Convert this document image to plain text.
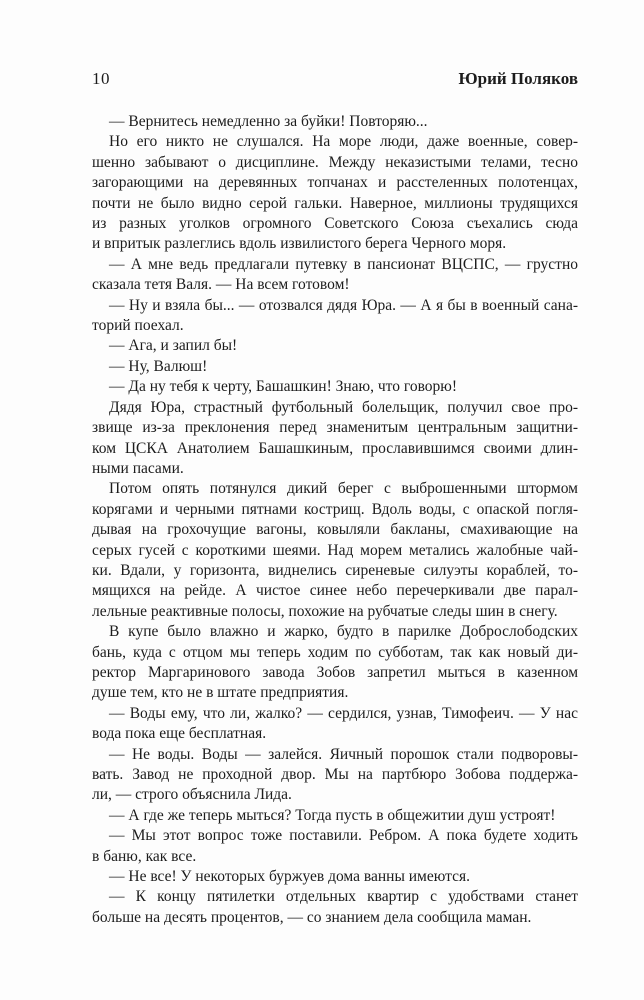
10	Юрий Поляков
— Вернитесь немедленно за буйки! Повторяю...
Но его никто не слушался. На море люди, даже военные, совер-
шенно забывают о дисциплине. Между неказистыми телами, тесно
загорающими на деревянных топчанах и расстеленных полотенцах,
почти не было видно серой гальки. Наверное, миллионы трудящихся
из разных уголков огромного Советского Союза съехались сюда
и впритык разлеглись вдоль извилистого берега Черного моря.
— А мне ведь предлагали путевку в пансионат ВЦСПС, — грустно
сказала тетя Валя. — На всем готовом!
— Ну и взяла бы... — отозвался дядя Юра. — А я бы в военный сана-
торий поехал.
— Ага, и запил бы!
— Ну, Валюш!
— Да ну тебя к черту, Башашкин! Знаю, что говорю!
Дядя Юра, страстный футбольный болельщик, получил свое про-
звище из-за преклонения перед знаменитым центральным защитни-
ком ЦСКА Анатолием Башашкиным, прославившимся своими длин-
ными пасами.
Потом опять потянулся дикий берег с выброшенными штормом
корягами и черными пятнами кострищ. Вдоль воды, с опаской погля-
дывая на грохочущие вагоны, ковыляли бакланы, смахивающие на
серых гусей с короткими шеями. Над морем метались жалобные чай-
ки. Вдали, у горизонта, виднелись сиреневые силуэты кораблей, то-
мящихся на рейде. А чистое синее небо перечеркивали две парал-
лельные реактивные полосы, похожие на рубчатые следы шин в снегу.
В купе было влажно и жарко, будто в парилке Доброслободских
бань, куда с отцом мы теперь ходим по субботам, так как новый ди-
ректор Маргаринового завода Зобов запретил мыться в казенном
душе тем, кто не в штате предприятия.
— Воды ему, что ли, жалко? — сердился, узнав, Тимофеич. — У нас
вода пока еще бесплатная.
— Не воды. Воды — залейся. Яичный порошок стали подворовы-
вать. Завод не проходной двор. Мы на партбюро Зобова поддержа-
ли, — строго объяснила Лида.
— А где же теперь мыться? Тогда пусть в общежитии душ устроят!
— Мы этот вопрос тоже поставили. Ребром. А пока будете ходить
в баню, как все.
— Не все! У некоторых буржуев дома ванны имеются.
— К концу пятилетки отдельных квартир с удобствами станет
больше на десять процентов, — со знанием дела сообщила маман.
